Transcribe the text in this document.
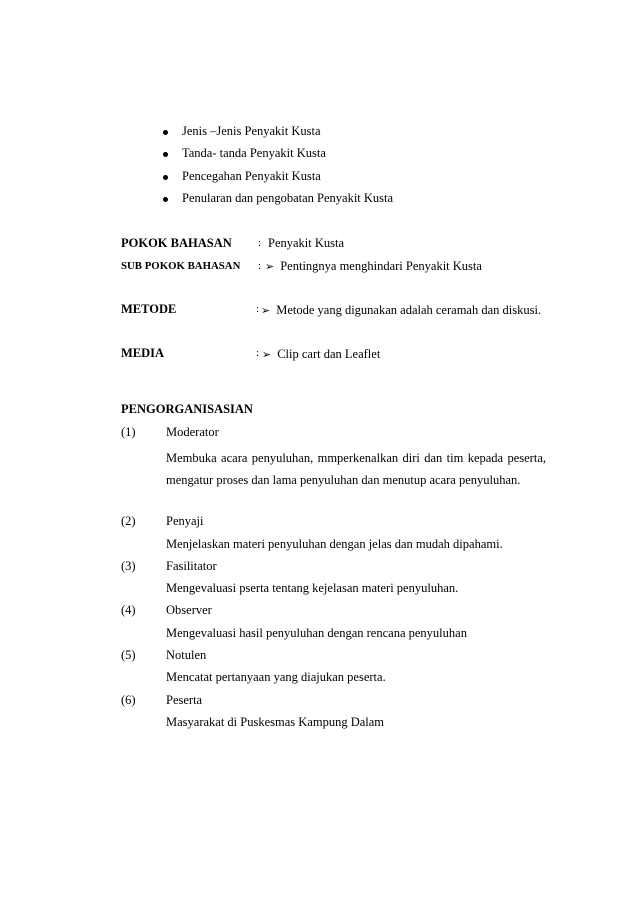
Jenis –Jenis Penyakit Kusta
Tanda- tanda Penyakit Kusta
Pencegahan Penyakit Kusta
Penularan dan pengobatan Penyakit Kusta
POKOK BAHASAN : Penyakit Kusta
SUB POKOK BAHASAN : ➢ Pentingnya menghindari Penyakit Kusta
METODE	: ➢ Metode yang digunakan adalah ceramah dan diskusi.
MEDIA	: ➢ Clip cart dan Leaflet
PENGORGANISASIAN
(1) Moderator
Membuka acara penyuluhan, mmperkenalkan diri dan tim kepada peserta, mengatur proses dan lama penyuluhan dan menutup acara penyuluhan.
(2) Penyaji
Menjelaskan materi penyuluhan dengan jelas dan mudah dipahami.
(3) Fasilitator
Mengevaluasi pserta tentang kejelasan materi penyuluhan.
(4) Observer
Mengevaluasi hasil penyuluhan dengan rencana penyuluhan
(5) Notulen
Mencatat pertanyaan yang diajukan peserta.
(6) Peserta
Masyarakat di Puskesmas Kampung Dalam
